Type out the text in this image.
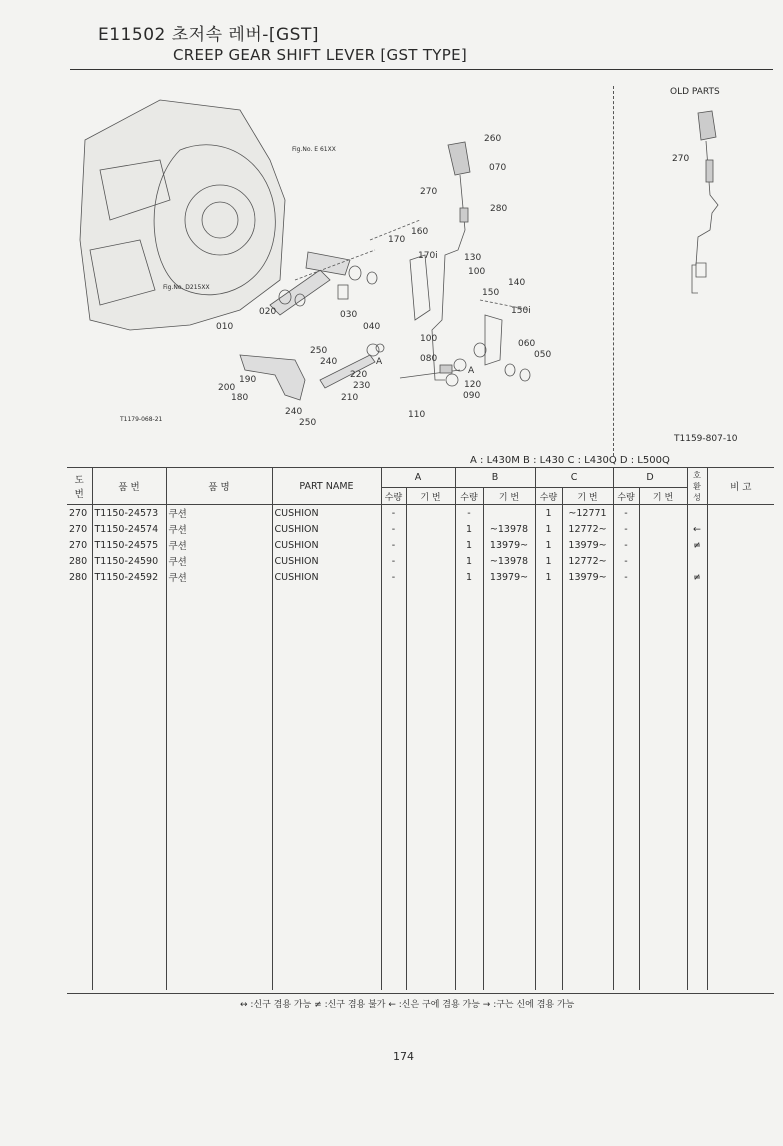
E11502 초저속 레버-[GST]
CREEP GEAR SHIFT LEVER [GST TYPE]
260
070
270
280
160
170
170i	130
100
140
150
150i
020
010
030
040
250
240
220
230
210
190
200
180
240
250
100
080
060
050
120
090
110
A
A
Fig.No. E 61XX
Fig.No. D215XX
T1179-068-21
OLD PARTS
270
T1159-807-10
A : L430M B : L430 C : L430Q D : L500Q
도 번	품 번	품 명	PART NAME	A		B		C		D		호 환 성	비 고
				수량	기 번	수량	기 번	수량	기 번	수량	기 번		
270	T1150-24573	쿠션	CUSHION	-		-		1	~12771	-			
270	T1150-24574	쿠션	CUSHION	-		1	~13978	1	12772~	-		←	
270	T1150-24575	쿠션	CUSHION	-		1	13979~	1	13979~	-		≠	
280	T1150-24590	쿠션	CUSHION	-		1	~13978	1	12772~	-			
280	T1150-24592	쿠션	CUSHION	-		1	13979~	1	13979~	-		≠	

↔ :신구 겸용 가능 ≠ :신구 겸용 불가 ← :신은 구에 겸용 가능 → :구는 신에 겸용 가능
174
